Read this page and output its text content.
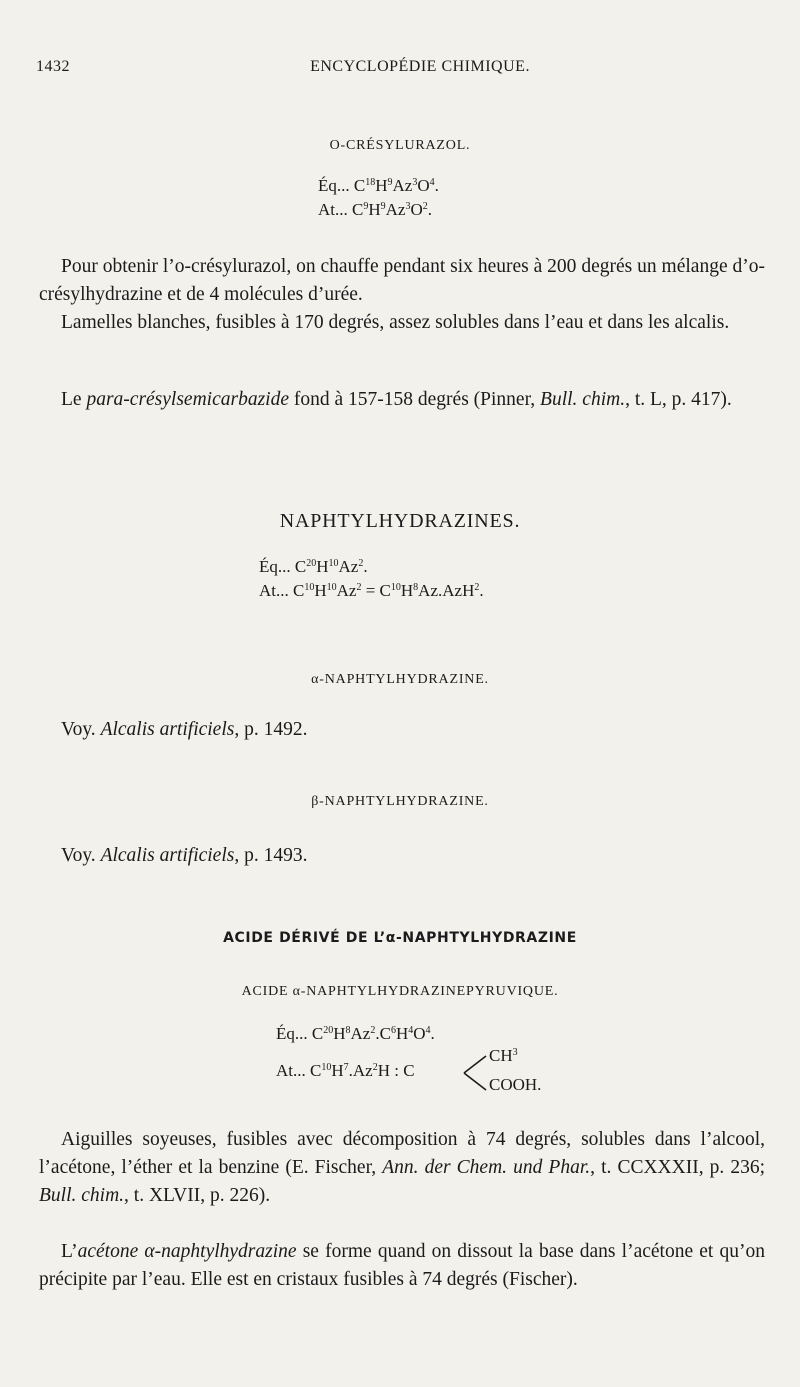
1432	ENCYCLOPÉDIE CHIMIQUE.
O-CRÉSYLURAZOL.
Éq... $C^{18}H^9Az^3O^4$.
At... $C^9H^9Az^3O^2$.

Pour obtenir l’o-crésylurazol, on chauffe pendant six heures à 200 degrés un mélange d’o-crésylhydrazine et de 4 molécules d’urée.

Lamelles blanches, fusibles à 170 degrés, assez solubles dans l’eau et dans les alcalis.

Le para-crésylsemicarbazide fond à 157-158 degrés (Pinner, Bull. chim., t. L, p. 417).

NAPHTYLHYDRAZINES.
Éq... $C^{20}H^{10}Az^2$.
At... $C^{10}H^{10}Az^2 = C^{10}H^8Az.AzH^2$.
α-NAPHTYLHYDRAZINE.

Voy. Alcalis artificiels, p. 1492.

β-NAPHTYLHYDRAZINE.

Voy. Alcalis artificiels, p. 1493.

ACIDE DÉRIVÉ DE L’α-NAPHTYLHYDRAZINE
ACIDE α-NAPHTYLHYDRAZINEPYRUVIQUE.
Éq... $C^{20}H^8Az^2.C^6H^4O^4$.
At... $C^{10}H^7.Az^2H$ : C
$CH^3$
COOH.

Aiguilles soyeuses, fusibles avec décomposition à 74 degrés, solubles dans l’alcool, l’acétone, l’éther et la benzine (E. Fischer, Ann. der Chem. und Phar., t. CCXXXII, p. 236; Bull. chim., t. XLVII, p. 226).

L’acétone α-naphtylhydrazine se forme quand on dissout la base dans l’acétone et qu’on précipite par l’eau. Elle est en cristaux fusibles à 74 degrés (Fischer).
